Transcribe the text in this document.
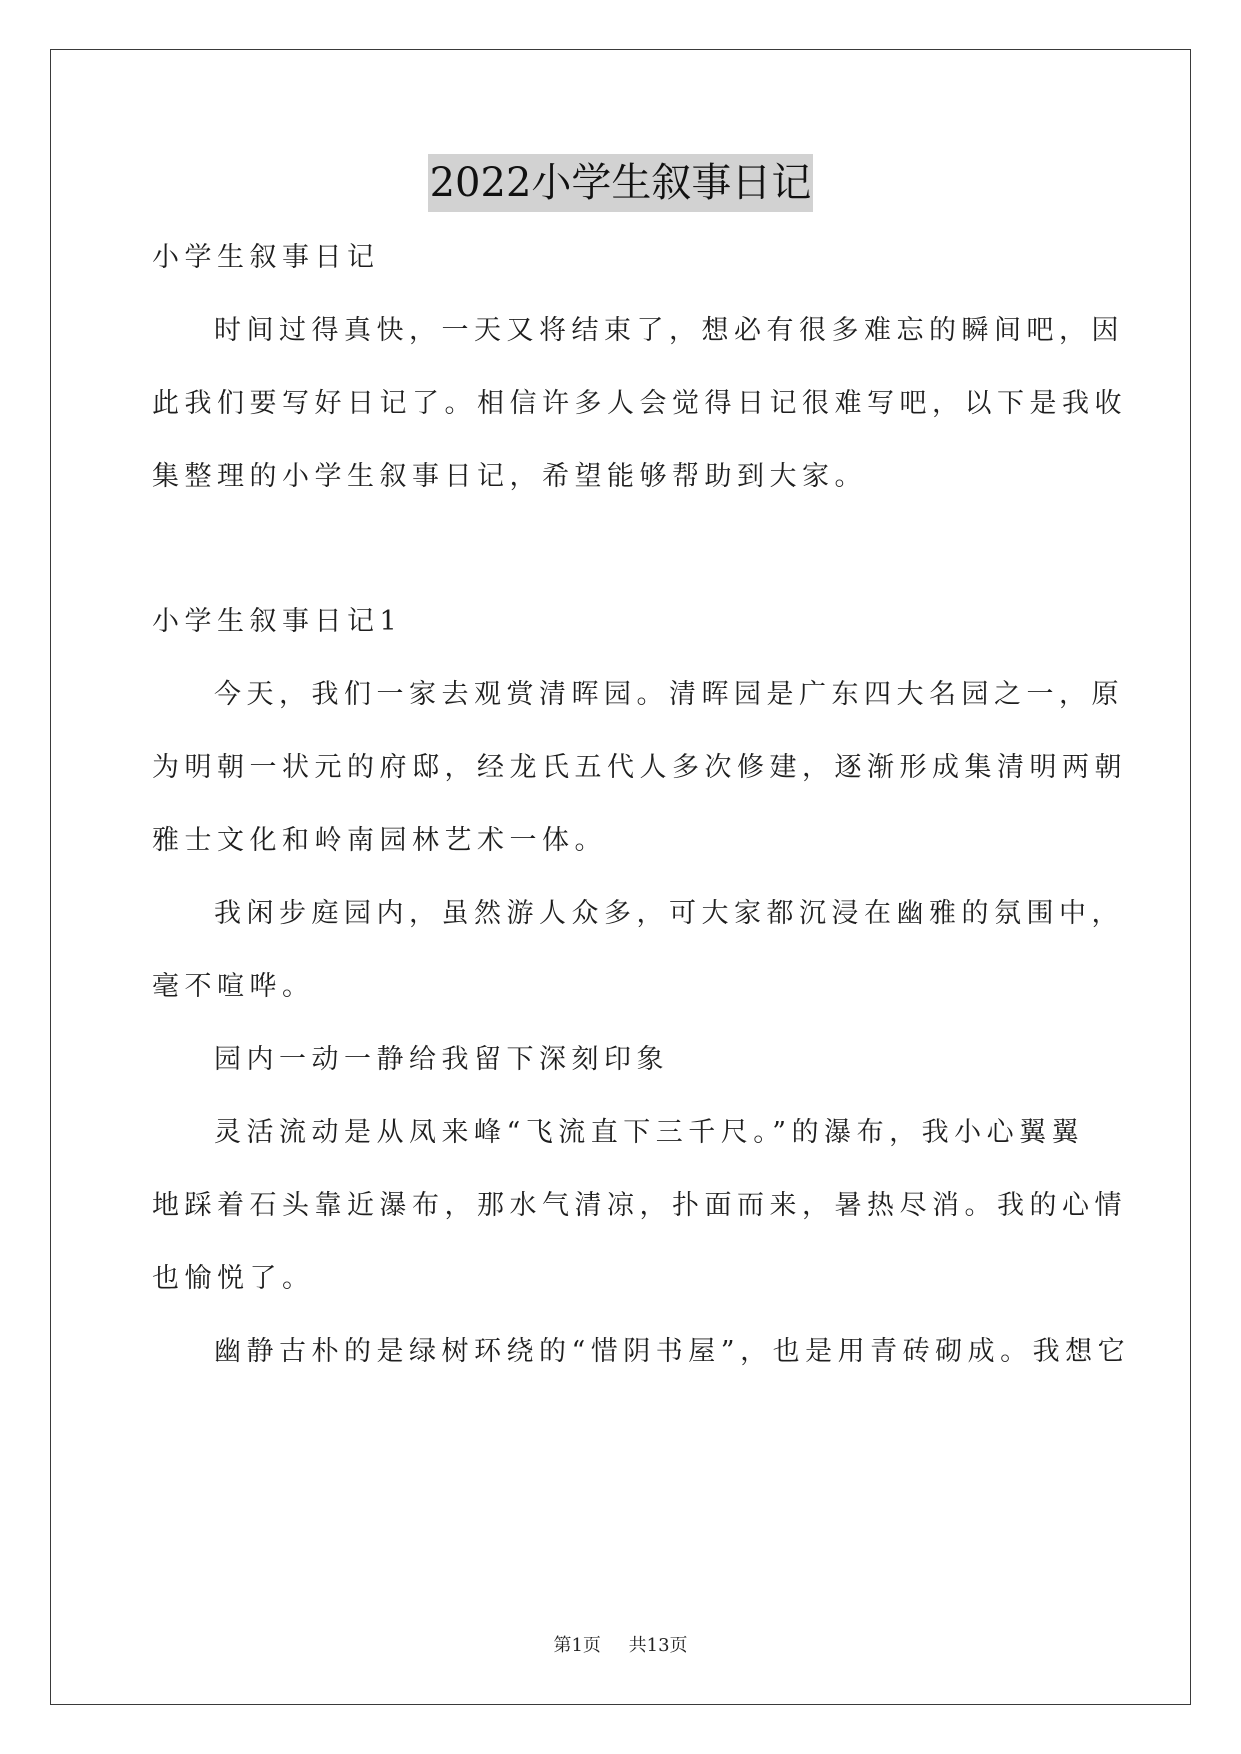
2022小学生叙事日记
小学生叙事日记
时间过得真快，一天又将结束了，想必有很多难忘的瞬间吧，因
此我们要写好日记了。相信许多人会觉得日记很难写吧，以下是我收
集整理的小学生叙事日记，希望能够帮助到大家。
小学生叙事日记1
今天，我们一家去观赏清晖园。清晖园是广东四大名园之一，原
为明朝一状元的府邸，经龙氏五代人多次修建，逐渐形成集清明两朝
雅士文化和岭南园林艺术一体。
我闲步庭园内，虽然游人众多，可大家都沉浸在幽雅的氛围中，
毫不喧哗。
园内一动一静给我留下深刻印象
灵活流动是从凤来峰“飞流直下三千尺。”的瀑布，我小心翼翼
地踩着石头靠近瀑布，那水气清凉，扑面而来，暑热尽消。我的心情
也愉悦了。
幽静古朴的是绿树环绕的“惜阴书屋”，也是用青砖砌成。我想它
第1页 共13页
